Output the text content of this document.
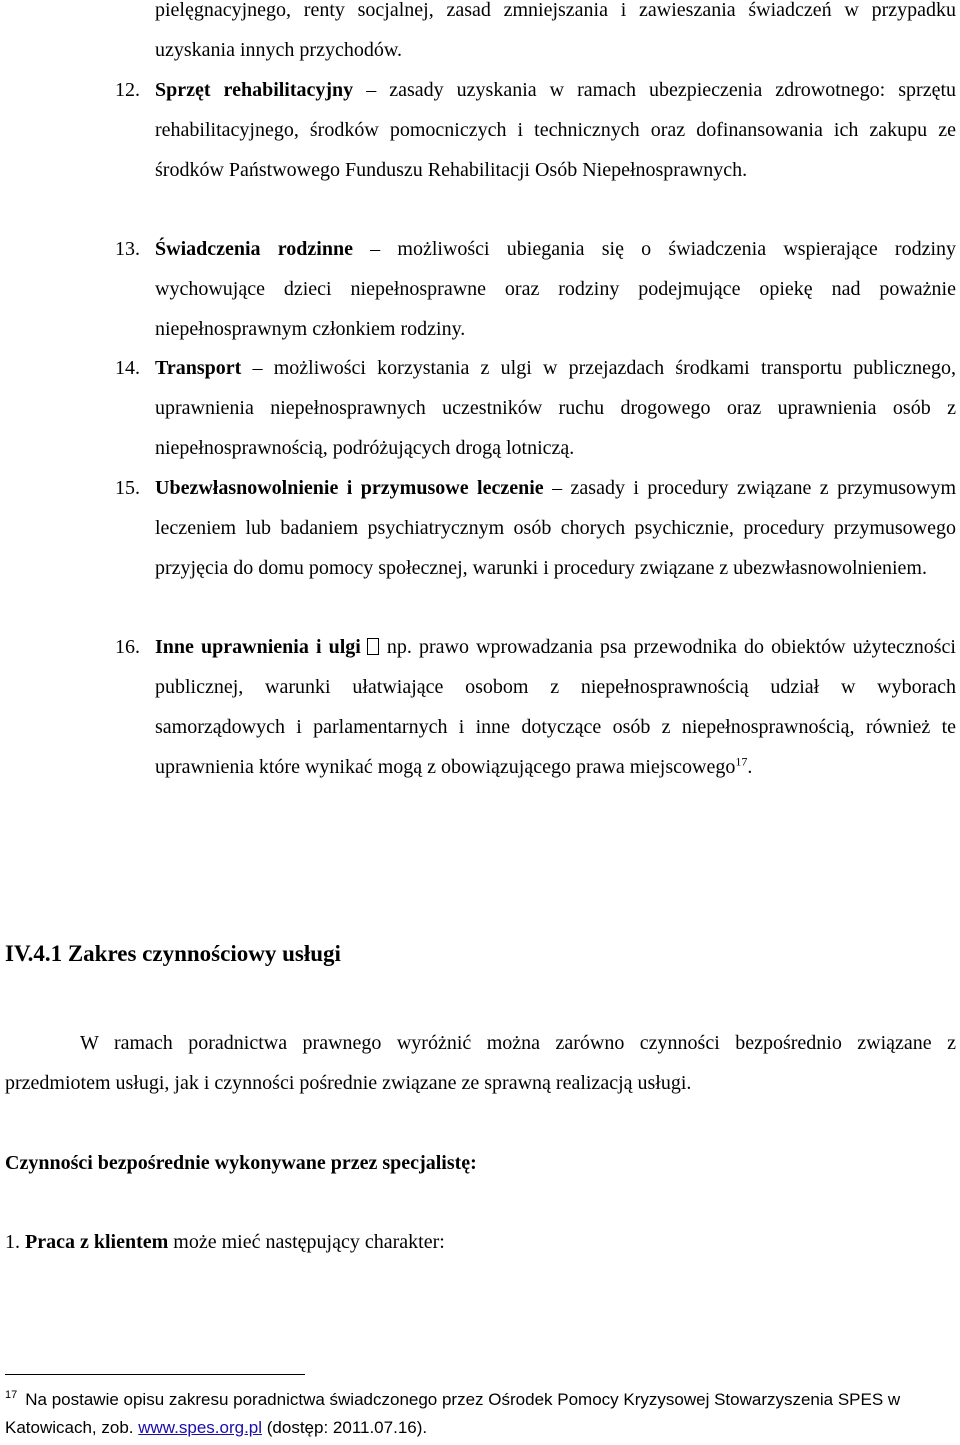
pielęgnacyjnego, renty socjalnej, zasad zmniejszania i zawieszania świadczeń w przypadku uzyskania innych przychodów.
12. Sprzęt rehabilitacyjny – zasady uzyskania w ramach ubezpieczenia zdrowotnego: sprzętu rehabilitacyjnego, środków pomocniczych i technicznych oraz dofinansowania ich zakupu ze środków Państwowego Funduszu Rehabilitacji Osób Niepełnosprawnych.
13. Świadczenia rodzinne – możliwości ubiegania się o świadczenia wspierające rodziny wychowujące dzieci niepełnosprawne oraz rodziny podejmujące opiekę nad poważnie niepełnosprawnym członkiem rodziny.
14. Transport – możliwości korzystania z ulgi w przejazdach środkami transportu publicznego, uprawnienia niepełnosprawnych uczestników ruchu drogowego oraz uprawnienia osób z niepełnosprawnością, podróżujących drogą lotniczą.
15. Ubezwłasnowolnienie i przymusowe leczenie – zasady i procedury związane z przymusowym leczeniem lub badaniem psychiatrycznym osób chorych psychicznie, procedury przymusowego przyjęcia do domu pomocy społecznej, warunki i procedury związane z ubezwłasnowolnieniem.
16. Inne uprawnienia i ulgi np. prawo wprowadzania psa przewodnika do obiektów użyteczności publicznej, warunki ułatwiające osobom z niepełnosprawnością udział w wyborach samorządowych i parlamentarnych i inne dotyczące osób z niepełnosprawnością, również te uprawnienia które wynikać mogą z obowiązującego prawa miejscowego$^{17}$.
IV.4.1 Zakres czynnościowy usługi

W ramach poradnictwa prawnego wyróżnić można zarówno czynności bezpośrednio związane z przedmiotem usługi, jak i czynności pośrednie związane ze sprawną realizacją usługi.

Czynności bezpośrednie wykonywane przez specjalistę:

1. Praca z klientem może mieć następujący charakter:

$^{17}$ Na postawie opisu zakresu poradnictwa świadczonego przez Ośrodek Pomocy Kryzysowej Stowarzyszenia SPES w Katowicach, zob. www.spes.org.pl (dostęp: 2011.07.16).
